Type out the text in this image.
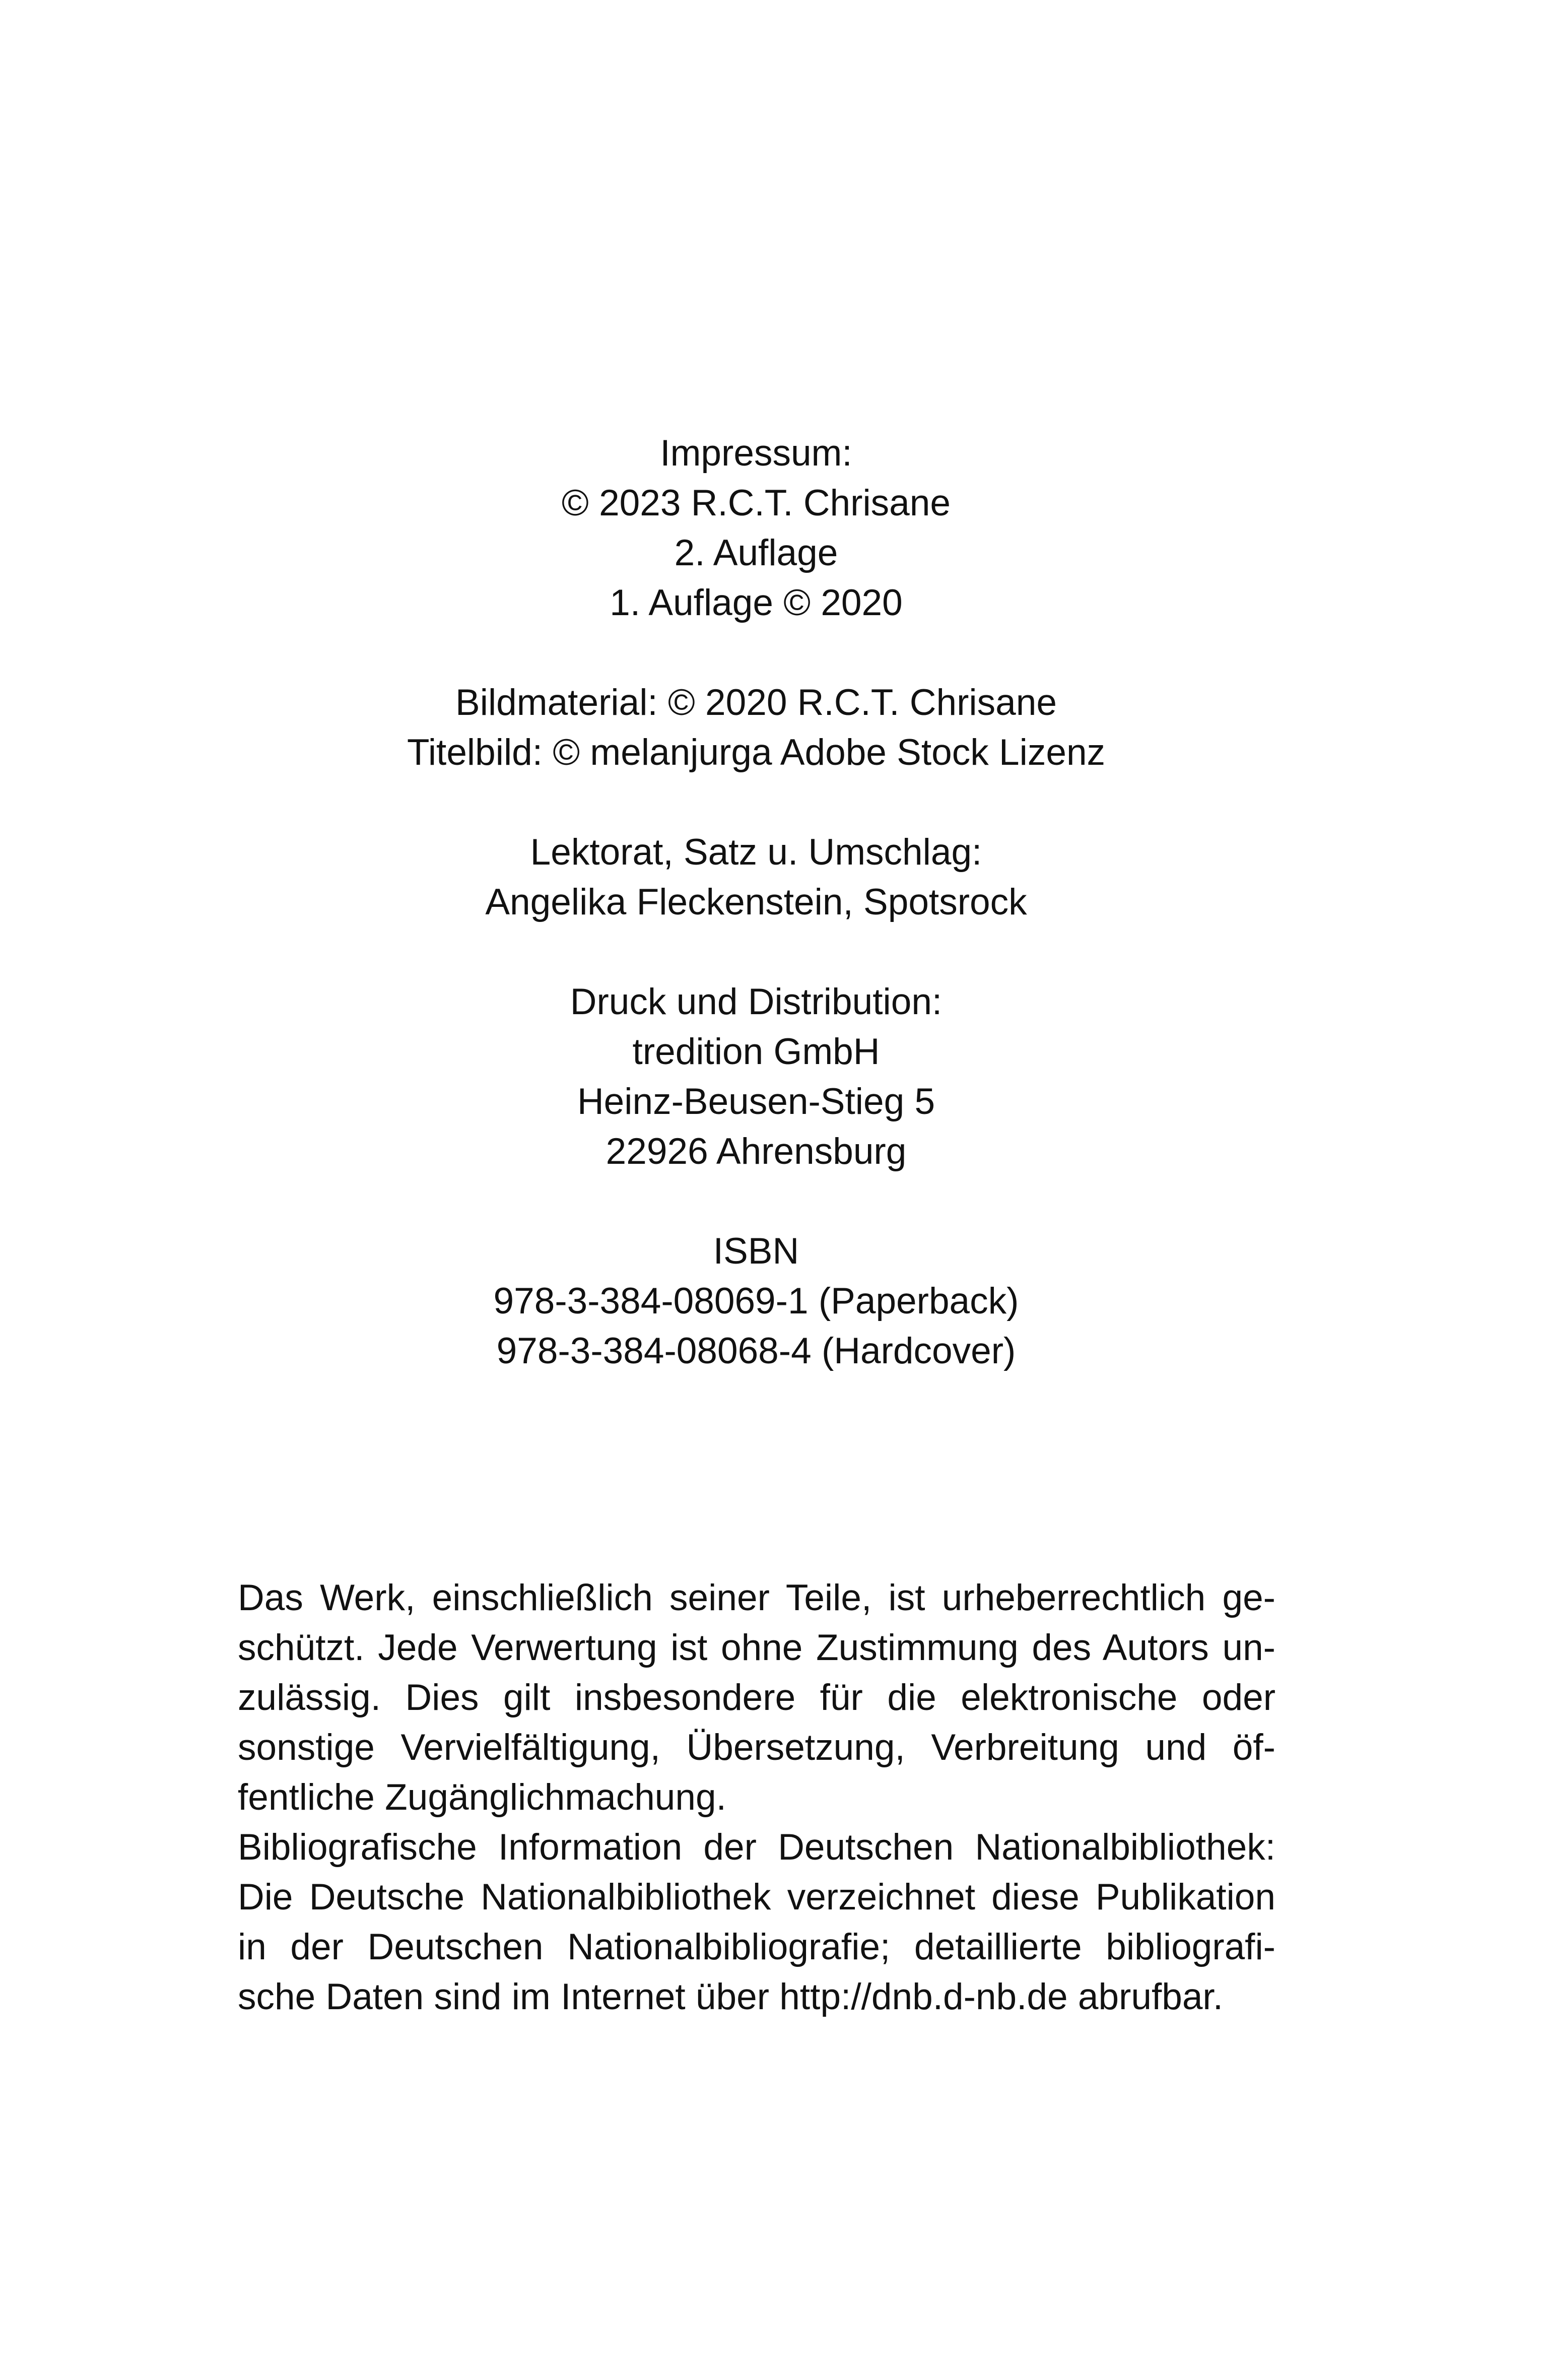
Impressum:
© 2023 R.C.T. Chrisane
2. Auflage
1. Auflage © 2020
Bildmaterial: © 2020 R.C.T. Chrisane
Titelbild: © melanjurga Adobe Stock Lizenz
Lektorat, Satz u. Umschlag:
Angelika Fleckenstein, Spotsrock
Druck und Distribution:
tredition GmbH
Heinz-Beusen-Stieg 5
22926 Ahrensburg
ISBN
978-3-384-08069-1 (Paperback)
978-3-384-08068-4 (Hardcover)
Das Werk, einschließlich seiner Teile, ist urheberrechtlich ge-
schützt. Jede Verwertung ist ohne Zustimmung des Autors un-
zulässig. Dies gilt insbesondere für die elektronische oder
sonstige Vervielfältigung, Übersetzung, Verbreitung und öf-
fentliche Zugänglichmachung.
Bibliografische Information der Deutschen Nationalbibliothek:
Die Deutsche Nationalbibliothek verzeichnet diese Publikation
in der Deutschen Nationalbibliografie; detaillierte bibliografi-
sche Daten sind im Internet über http://dnb.d-nb.de abrufbar.
